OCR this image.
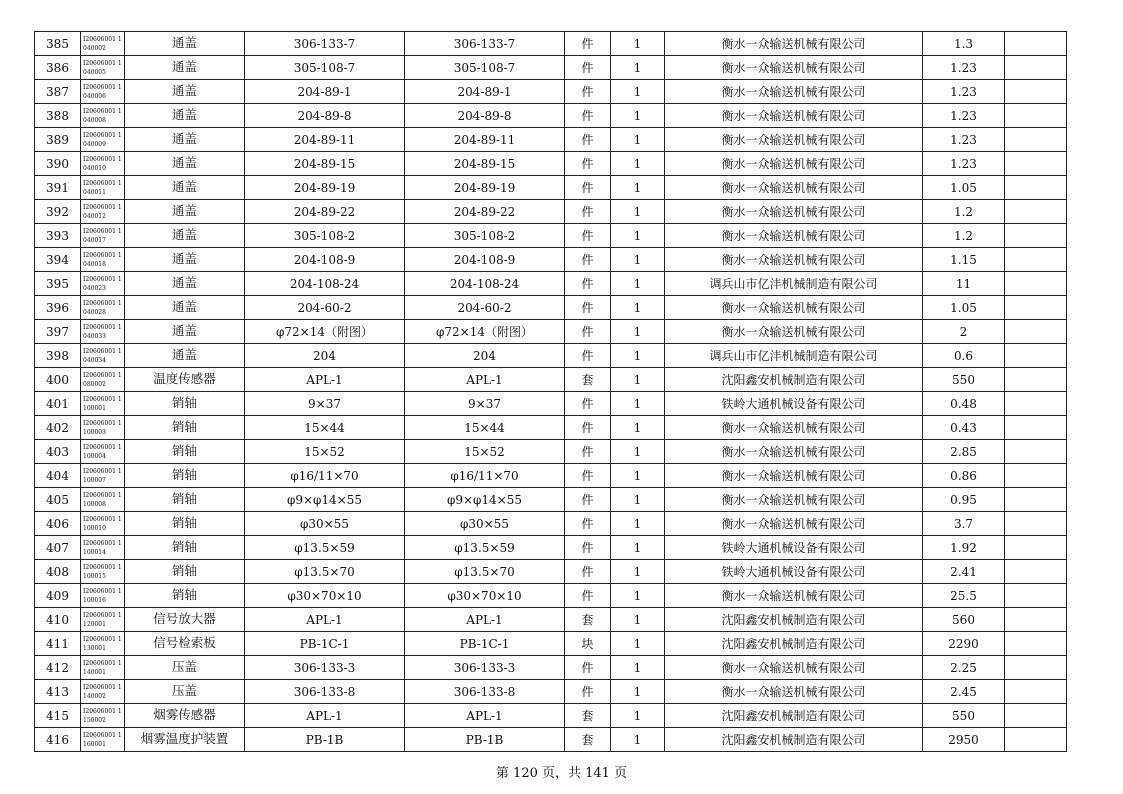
385	I20606001 1040002	通盖	306-133-7	306-133-7	件	1	衡水一众输送机械有限公司	1.3	
386	I20606001 1040005	通盖	305-108-7	305-108-7	件	1	衡水一众输送机械有限公司	1.23	
387	I20606001 1040006	通盖	204-89-1	204-89-1	件	1	衡水一众输送机械有限公司	1.23	
388	I20606001 1040008	通盖	204-89-8	204-89-8	件	1	衡水一众输送机械有限公司	1.23	
389	I20606001 1040009	通盖	204-89-11	204-89-11	件	1	衡水一众输送机械有限公司	1.23	
390	I20606001 1040010	通盖	204-89-15	204-89-15	件	1	衡水一众输送机械有限公司	1.23	
391	I20606001 1040011	通盖	204-89-19	204-89-19	件	1	衡水一众输送机械有限公司	1.05	
392	I20606001 1040012	通盖	204-89-22	204-89-22	件	1	衡水一众输送机械有限公司	1.2	
393	I20606001 1040017	通盖	305-108-2	305-108-2	件	1	衡水一众输送机械有限公司	1.2	
394	I20606001 1040018	通盖	204-108-9	204-108-9	件	1	衡水一众输送机械有限公司	1.15	
395	I20606001 1040023	通盖	204-108-24	204-108-24	件	1	调兵山市亿沣机械制造有限公司	11	
396	I20606001 1040028	通盖	204-60-2	204-60-2	件	1	衡水一众输送机械有限公司	1.05	
397	I20606001 1040033	通盖	φ72×14（附图）	φ72×14（附图）	件	1	衡水一众输送机械有限公司	2	
398	I20606001 1040034	通盖	204	204	件	1	调兵山市亿沣机械制造有限公司	0.6	
400	I20606001 1080002	温度传感器	APL-1	APL-1	套	1	沈阳鑫安机械制造有限公司	550	
401	I20606001 1100001	销轴	9×37	9×37	件	1	铁岭大通机械设备有限公司	0.48	
402	I20606001 1100003	销轴	15×44	15×44	件	1	衡水一众输送机械有限公司	0.43	
403	I20606001 1100004	销轴	15×52	15×52	件	1	衡水一众输送机械有限公司	2.85	
404	I20606001 1100007	销轴	φ16/11×70	φ16/11×70	件	1	衡水一众输送机械有限公司	0.86	
405	I20606001 1100008	销轴	φ9×φ14×55	φ9×φ14×55	件	1	衡水一众输送机械有限公司	0.95	
406	I20606001 1100010	销轴	φ30×55	φ30×55	件	1	衡水一众输送机械有限公司	3.7	
407	I20606001 1100014	销轴	φ13.5×59	φ13.5×59	件	1	铁岭大通机械设备有限公司	1.92	
408	I20606001 1100015	销轴	φ13.5×70	φ13.5×70	件	1	铁岭大通机械设备有限公司	2.41	
409	I20606001 1100016	销轴	φ30×70×10	φ30×70×10	件	1	衡水一众输送机械有限公司	25.5	
410	I20606001 1120001	信号放大器	APL-1	APL-1	套	1	沈阳鑫安机械制造有限公司	560	
411	I20606001 1130001	信号检索板	PB-1C-1	PB-1C-1	块	1	沈阳鑫安机械制造有限公司	2290	
412	I20606001 1140001	压盖	306-133-3	306-133-3	件	1	衡水一众输送机械有限公司	2.25	
413	I20606001 1140002	压盖	306-133-8	306-133-8	件	1	衡水一众输送机械有限公司	2.45	
415	I20606001 1150002	烟雾传感器	APL-1	APL-1	套	1	沈阳鑫安机械制造有限公司	550	
416	I20606001 1160001	烟雾温度护装置	PB-1B	PB-1B	套	1	沈阳鑫安机械制造有限公司	2950	
第 120 页，共 141 页
